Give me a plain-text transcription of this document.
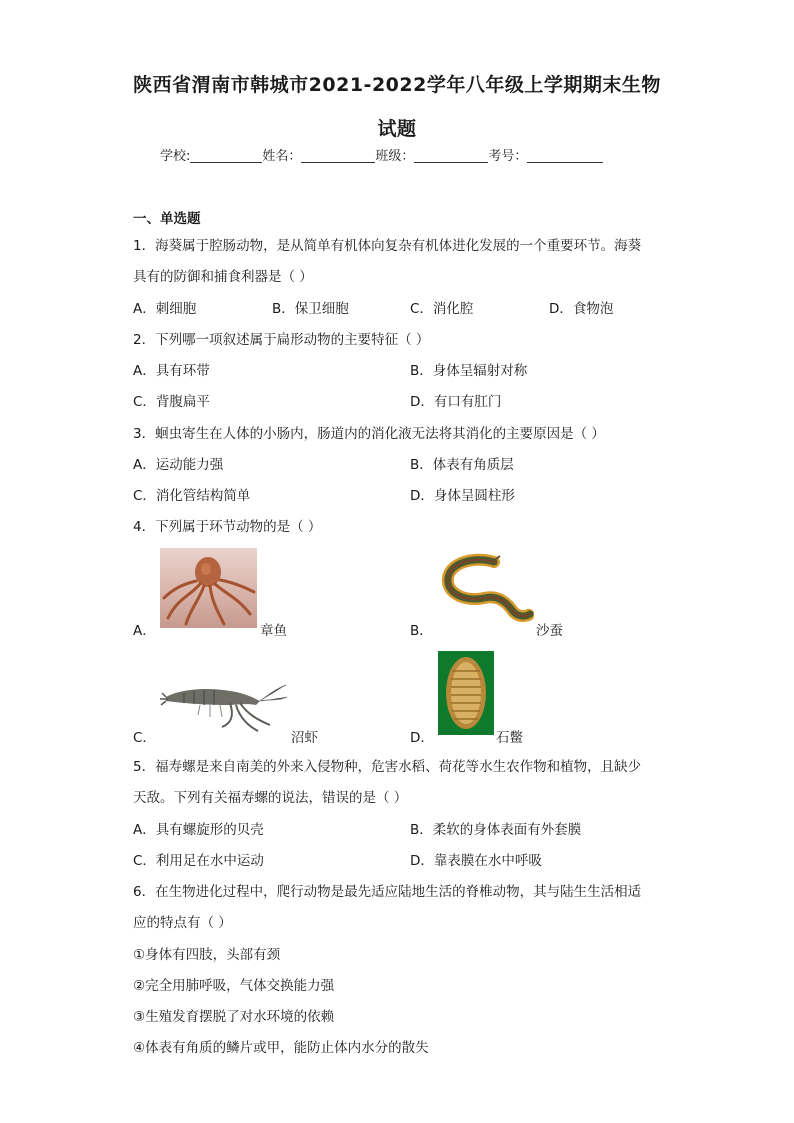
陕西省渭南市韩城市2021-2022学年八年级上学期期末生物
试题
学校:	姓名：	班级：	考号：
一、单选题
1．海葵属于腔肠动物，是从简单有机体向复杂有机体进化发展的一个重要环节。海葵
具有的防御和捕食利器是（ ）
A．刺细胞	B．保卫细胞	C．消化腔	D．食物泡
2．下列哪一项叙述属于扁形动物的主要特征（ ）
A．具有环带	B．身体呈辐射对称
C．背腹扁平	D．有口有肛门
3．蛔虫寄生在人体的小肠内，肠道内的消化液无法将其消化的主要原因是（ ）
A．运动能力强	B．体表有角质层
C．消化管结构简单	D．身体呈圆柱形
4．下列属于环节动物的是（ ）
A．	章鱼	B．	沙蚕
C．	沼虾	D．	石鳖
5．福寿螺是来自南美的外来入侵物种，危害水稻、荷花等水生农作物和植物，且缺少
天敌。下列有关福寿螺的说法，错误的是（ ）
A．具有螺旋形的贝壳	B．柔软的身体表面有外套膜
C．利用足在水中运动	D．靠表膜在水中呼吸
6．在生物进化过程中，爬行动物是最先适应陆地生活的脊椎动物，其与陆生生活相适
应的特点有（ ）
①身体有四肢，头部有颈
②完全用肺呼吸，气体交换能力强
③生殖发育摆脱了对水环境的依赖
④体表有角质的鳞片或甲，能防止体内水分的散失
